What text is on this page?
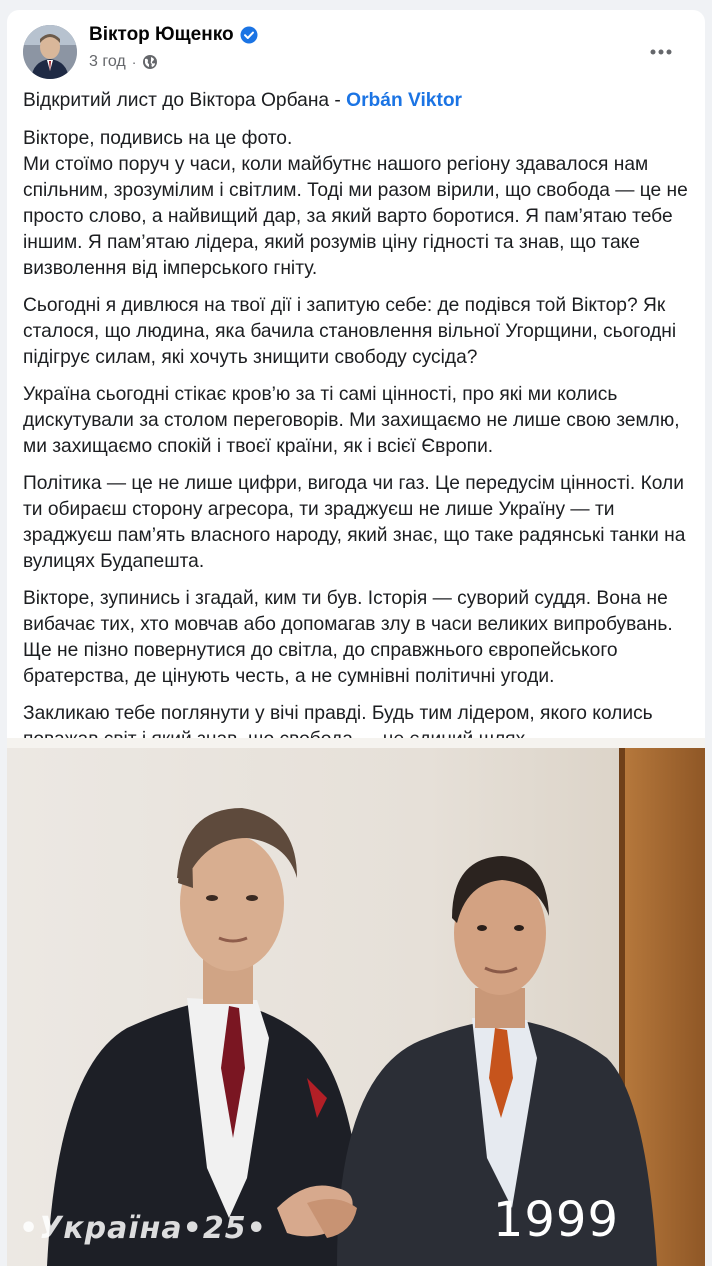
Віктор Ющенко
3 год ·

Відкритий лист до Віктора Орбана - Orbán Viktor

Вікторе, подивись на це фото.
Ми стоїмо поруч у часи, коли майбутнє нашого регіону здавалося нам спільним, зрозумілим і світлим. Тоді ми разом вірили, що свобода — це не просто слово, а найвищий дар, за який варто боротися. Я пам’ятаю тебе іншим. Я пам’ятаю лідера, який розумів ціну гідності та знав, що таке визволення від імперського гніту.

Сьогодні я дивлюся на твої дії і запитую себе: де подівся той Віктор? Як сталося, що людина, яка бачила становлення вільної Угорщини, сьогодні підігрує силам, які хочуть знищити свободу сусіда?

Україна сьогодні стікає кров’ю за ті самі цінності, про які ми колись дискутували за столом переговорів. Ми захищаємо не лише свою землю, ми захищаємо спокій і твоєї країни, як і всієї Європи.

Політика — це не лише цифри, вигода чи газ. Це передусім цінності. Коли ти обираєш сторону агресора, ти зраджуєш не лише Україну — ти зраджуєш пам’ять власного народу, який знає, що таке радянські танки на вулицях Будапешта.

Вікторе, зупинись і згадай, ким ти був. Історія — суворий суддя. Вона не вибачає тих, хто мовчав або допомагав злу в часи великих випробувань. Ще не пізно повернутися до світла, до справжнього європейського братерства, де цінують честь, а не сумнівні політичні угоди.

Закликаю тебе поглянути у вічі правді. Будь тим лідером, якого колись

•Україна•25•	1999
